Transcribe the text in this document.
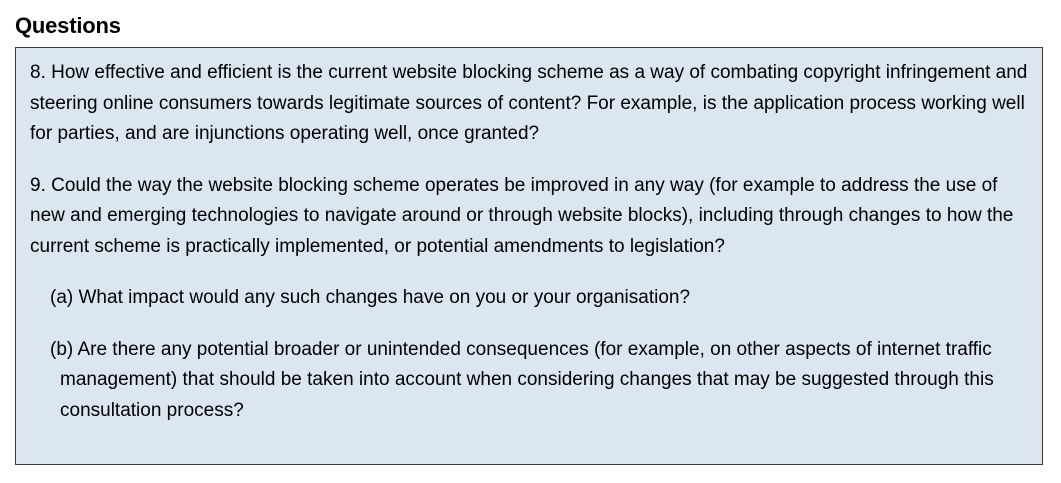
Questions

8. How effective and efficient is the current website blocking scheme as a way of combating copyright infringement and steering online consumers towards legitimate sources of content? For example, is the application process working well for parties, and are injunctions operating well, once granted?

9. Could the way the website blocking scheme operates be improved in any way (for example to address the use of new and emerging technologies to navigate around or through website blocks), including through changes to how the current scheme is practically implemented, or potential amendments to legislation?

(a) What impact would any such changes have on you or your organisation?

(b) Are there any potential broader or unintended consequences (for example, on other aspects of internet traffic management) that should be taken into account when considering changes that may be suggested through this consultation process?
